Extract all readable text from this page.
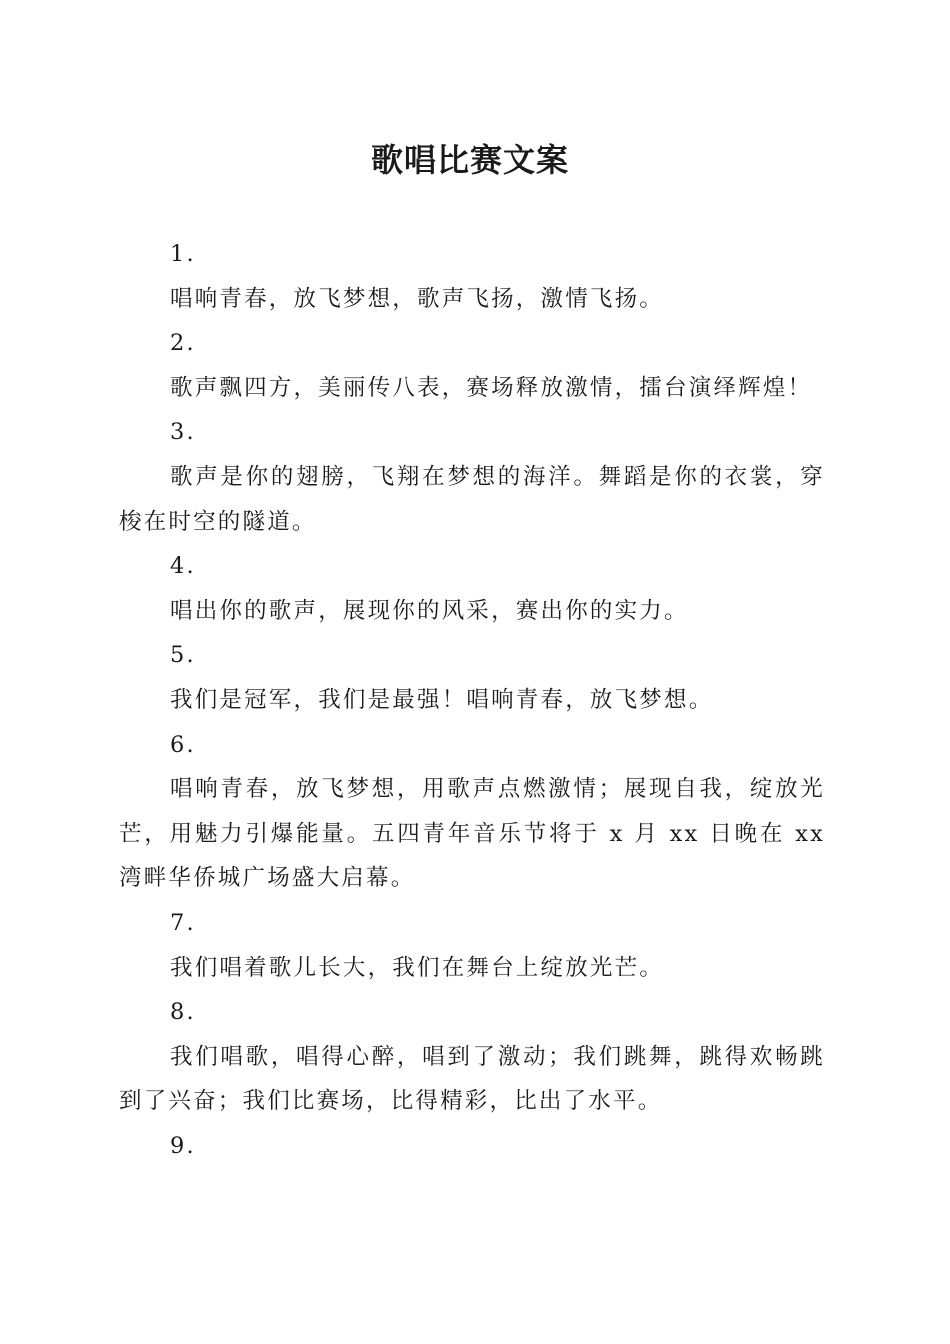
歌唱比赛文案

1.

唱响青春，放飞梦想，歌声飞扬，激情飞扬。

2.

歌声飘四方，美丽传八表，赛场释放激情，擂台演绎辉煌！

3.

歌声是你的翅膀，飞翔在梦想的海洋。舞蹈是你的衣裳，穿梭在时空的隧道。

4.

唱出你的歌声，展现你的风采，赛出你的实力。

5.

我们是冠军，我们是最强！唱响青春，放飞梦想。

6.

唱响青春，放飞梦想，用歌声点燃激情；展现自我，绽放光芒，用魅力引爆能量。五四青年音乐节将于 x 月 xx 日晚在 xx 湾畔华侨城广场盛大启幕。

7.

我们唱着歌儿长大，我们在舞台上绽放光芒。

8.

我们唱歌，唱得心醉，唱到了激动；我们跳舞，跳得欢畅跳到了兴奋；我们比赛场，比得精彩，比出了水平。

9.
